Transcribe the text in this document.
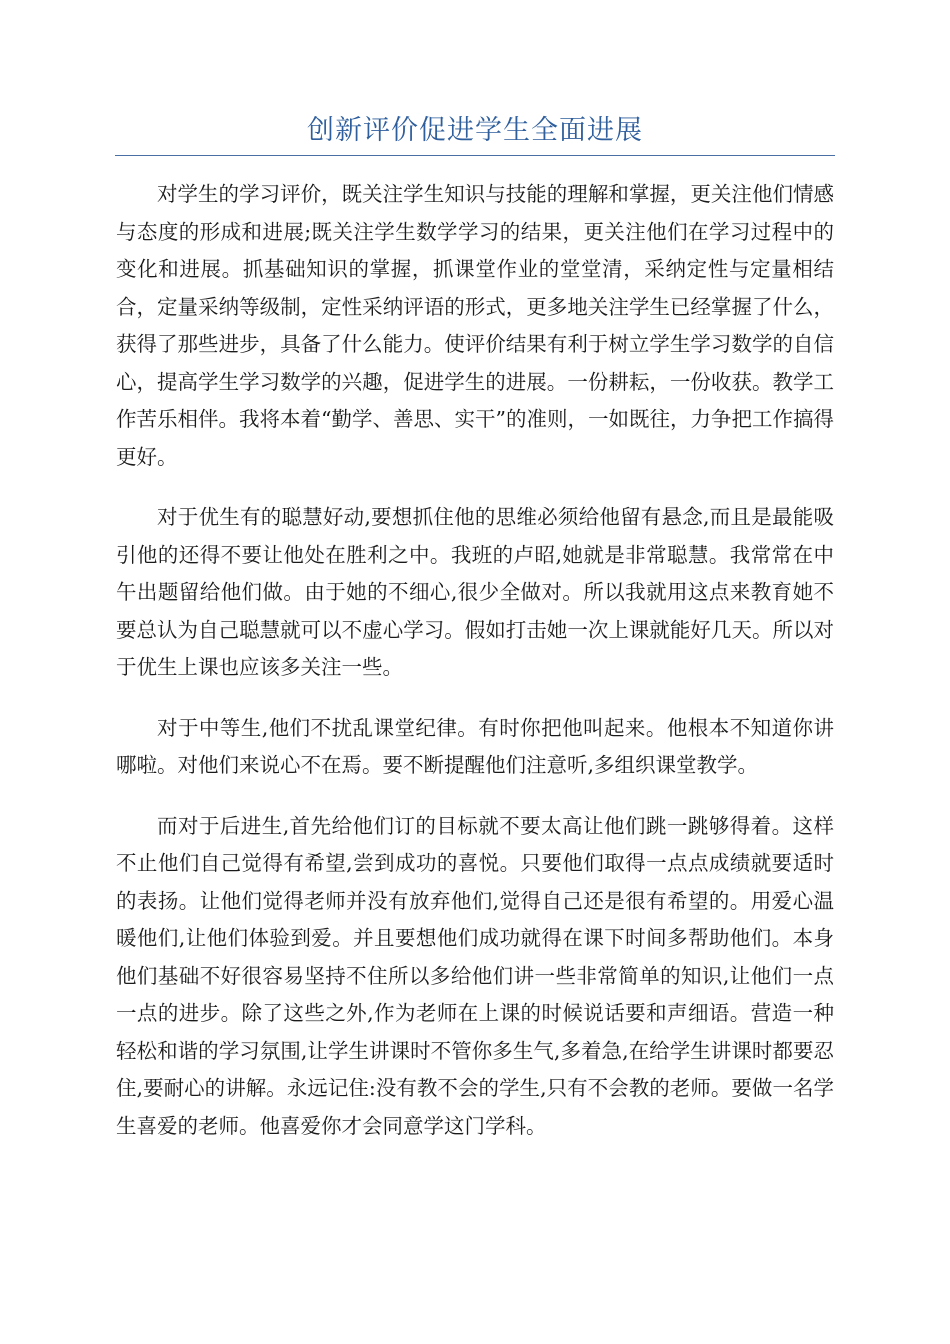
创新评价促进学生全面进展

对学生的学习评价，既关注学生知识与技能的理解和掌握，更关注他们情感与态度的形成和进展;既关注学生数学学习的结果，更关注他们在学习过程中的变化和进展。抓基础知识的掌握，抓课堂作业的堂堂清，采纳定性与定量相结合，定量采纳等级制，定性采纳评语的形式，更多地关注学生已经掌握了什么，获得了那些进步，具备了什么能力。使评价结果有利于树立学生学习数学的自信心，提高学生学习数学的兴趣，促进学生的进展。一份耕耘，一份收获。教学工作苦乐相伴。我将本着“勤学、善思、实干”的准则，一如既往，力争把工作搞得更好。

对于优生有的聪慧好动,要想抓住他的思维必须给他留有悬念,而且是最能吸引他的还得不要让他处在胜利之中。我班的卢昭,她就是非常聪慧。我常常在中午出题留给他们做。由于她的不细心,很少全做对。所以我就用这点来教育她不要总认为自己聪慧就可以不虚心学习。假如打击她一次上课就能好几天。所以对于优生上课也应该多关注一些。

对于中等生,他们不扰乱课堂纪律。有时你把他叫起来。他根本不知道你讲哪啦。对他们来说心不在焉。要不断提醒他们注意听,多组织课堂教学。

而对于后进生,首先给他们订的目标就不要太高让他们跳一跳够得着。这样不止他们自己觉得有希望,尝到成功的喜悦。只要他们取得一点点成绩就要适时的表扬。让他们觉得老师并没有放弃他们,觉得自己还是很有希望的。用爱心温暖他们,让他们体验到爱。并且要想他们成功就得在课下时间多帮助他们。本身他们基础不好很容易坚持不住所以多给他们讲一些非常简单的知识,让他们一点一点的进步。除了这些之外,作为老师在上课的时候说话要和声细语。营造一种轻松和谐的学习氛围,让学生讲课时不管你多生气,多着急,在给学生讲课时都要忍住,要耐心的讲解。永远记住:没有教不会的学生,只有不会教的老师。要做一名学生喜爱的老师。他喜爱你才会同意学这门学科。
